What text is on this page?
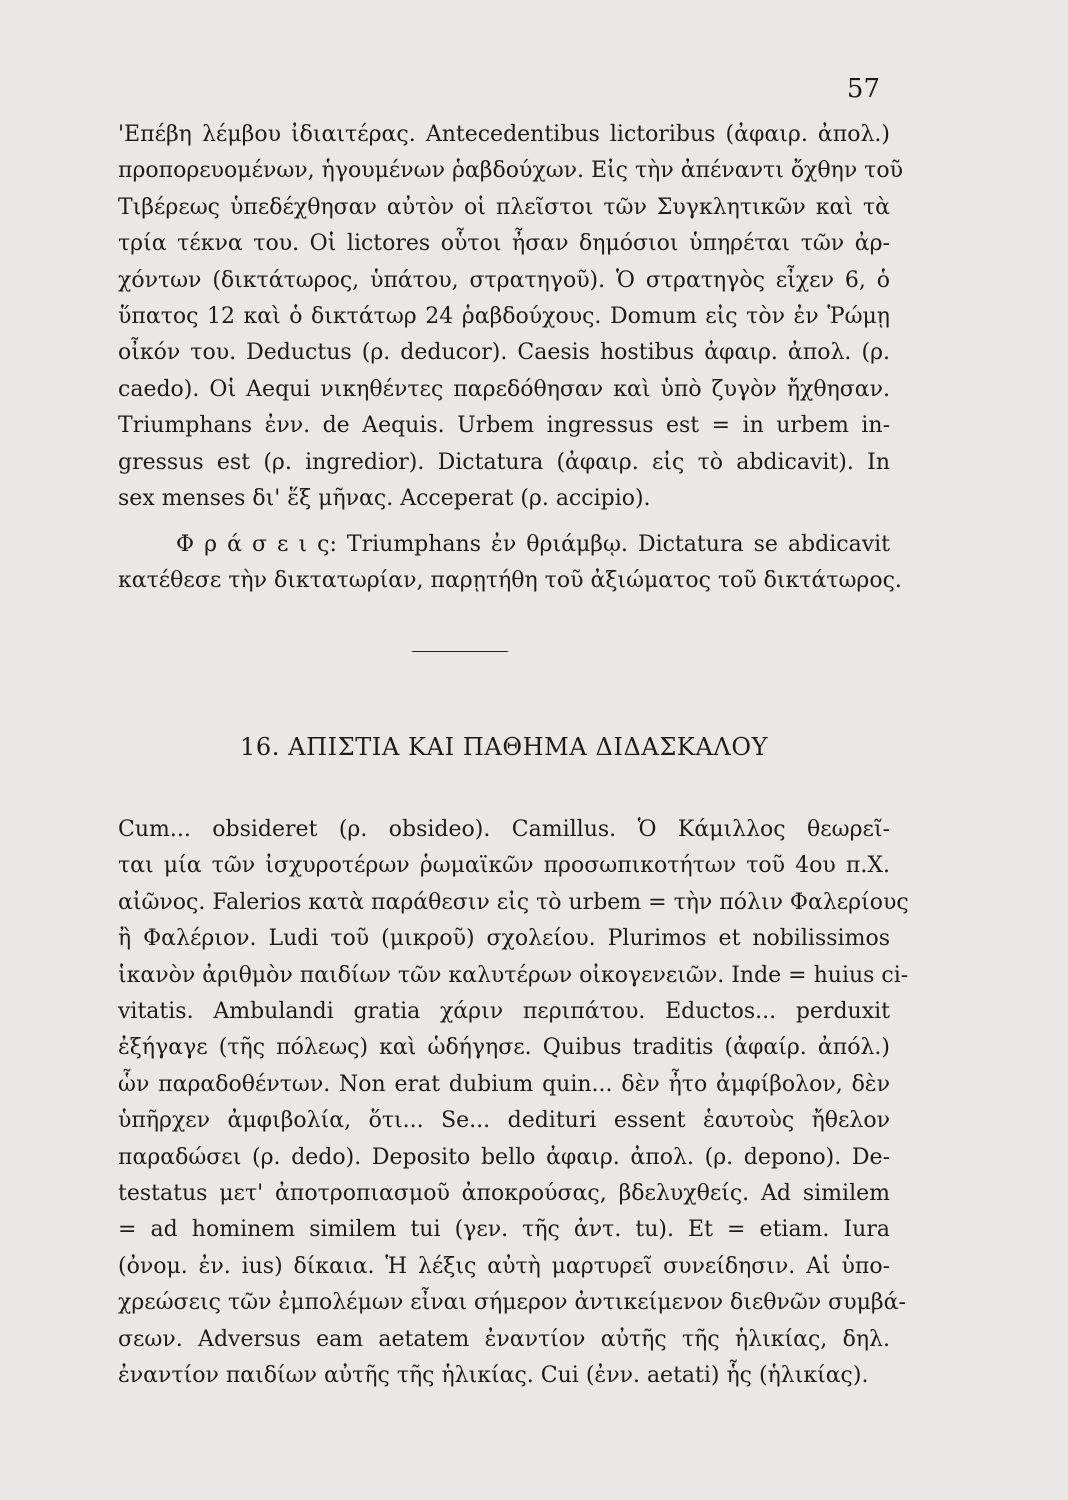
57
'Επέβη λέμβου ἰδιαιτέρας. Antecedentibus lictoribus (ἀφαιρ. ἀπολ.)
προπορευομένων, ἡγουμένων ῥαβδούχων. Εἰς τὴν ἀπέναντι ὄχθην τοῦ
Τιβέρεως ὑπεδέχθησαν αὐτὸν οἱ πλεῖστοι τῶν Συγκλητικῶν καὶ τὰ
τρία τέκνα του. Οἱ lictores οὗτοι ἦσαν δημόσιοι ὑπηρέται τῶν ἀρ-
χόντων (δικτάτωρος, ὑπάτου, στρατηγοῦ). Ὁ στρατηγὸς εἶχεν 6, ὁ
ὕπατος 12 καὶ ὁ δικτάτωρ 24 ῥαβδούχους. Domum εἰς τὸν ἐν Ῥώμῃ
οἶκόν του. Deductus (ρ. deducor). Caesis hostibus ἀφαιρ. ἀπολ. (ρ.
caedo). Οἱ Aequi νικηθέντες παρεδόθησαν καὶ ὑπὸ ζυγὸν ἤχθησαν.
Triumphans ἐνν. de Aequis. Urbem ingressus est = in urbem in-
gressus est (ρ. ingredior). Dictatura (ἀφαιρ. εἰς τὸ abdicavit). In
sex menses δι' ἕξ μῆνας. Acceperat (ρ. accipio).
Φ ρ ά σ ε ι ς: Triumphans ἐν θριάμβῳ. Dictatura se abdicavit
κατέθεσε τὴν δικτατωρίαν, παρῃτήθη τοῦ ἀξιώματος τοῦ δικτάτωρος.
16. ΑΠΙΣΤΙΑ ΚΑΙ ΠΑΘΗΜΑ ΔΙΔΑΣΚΑΛΟΥ
Cum... obsideret (ρ. obsideo). Camillus. Ὁ Κάμιλλος θεωρεῖ-
ται μία τῶν ἰσχυροτέρων ῥωμαϊκῶν προσωπικοτήτων τοῦ 4ου π.Χ.
αἰῶνος. Falerios κατὰ παράθεσιν εἰς τὸ urbem = τὴν πόλιν Φαλερίους
ἢ Φαλέριον. Ludi τοῦ (μικροῦ) σχολείου. Plurimos et nobilissimos
ἱκανὸν ἀριθμὸν παιδίων τῶν καλυτέρων οἰκογενειῶν. Inde = huius ci-
vitatis. Ambulandi gratia χάριν περιπάτου. Eductos... perduxit
ἐξήγαγε (τῆς πόλεως) καὶ ὡδήγησε. Quibus traditis (ἀφαίρ. ἀπόλ.)
ὧν παραδοθέντων. Non erat dubium quin... δὲν ἦτο ἀμφίβολον, δὲν
ὑπῆρχεν ἀμφιβολία, ὅτι... Se... dedituri essent ἑαυτοὺς ἤθελον
παραδώσει (ρ. dedo). Deposito bello ἀφαιρ. ἀπολ. (ρ. depono). De-
testatus μετ' ἀποτροπιασμοῦ ἀποκρούσας, βδελυχθείς. Ad similem
= ad hominem similem tui (γεν. τῆς ἀντ. tu). Et = etiam. Iura
(ὀνομ. ἐν. ius) δίκαια. Ἡ λέξις αὐτὴ μαρτυρεῖ συνείδησιν. Αἱ ὑπο-
χρεώσεις τῶν ἐμπολέμων εἶναι σήμερον ἀντικείμενον διεθνῶν συμβά-
σεων. Adversus eam aetatem ἐναντίον αὐτῆς τῆς ἡλικίας, δηλ.
ἐναντίον παιδίων αὐτῆς τῆς ἡλικίας. Cui (ἐνν. aetati) ἧς (ἡλικίας).
